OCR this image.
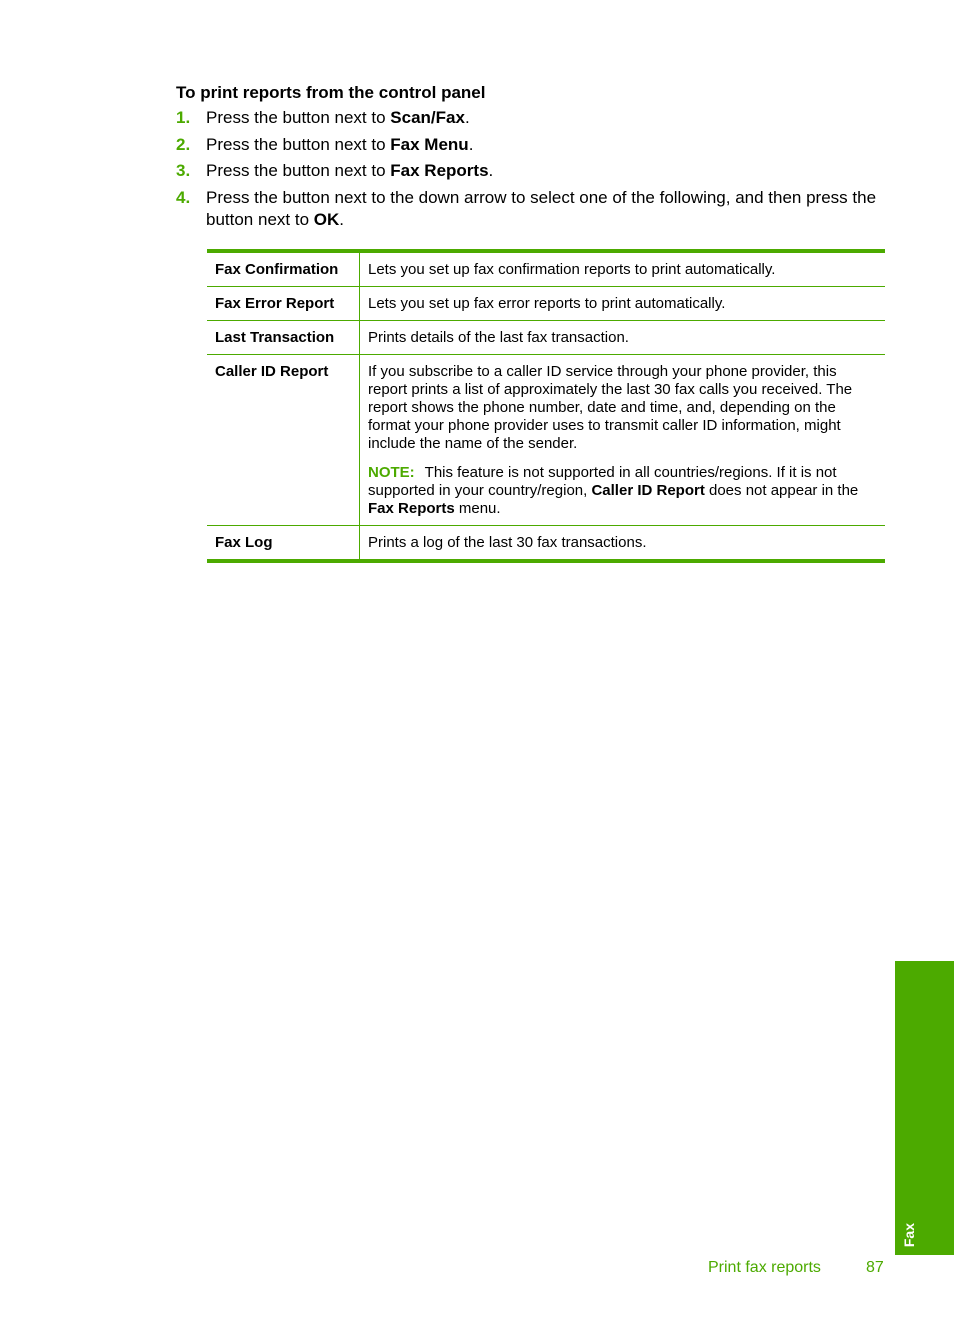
To print reports from the control panel
1. Press the button next to Scan/Fax.
2. Press the button next to Fax Menu.
3. Press the button next to Fax Reports.
4. Press the button next to the down arrow to select one of the following, and then press the button next to OK.
Fax Confirmation	Lets you set up fax confirmation reports to print automatically.
Fax Error Report	Lets you set up fax error reports to print automatically.
Last Transaction	Prints details of the last fax transaction.
Caller ID Report	If you subscribe to a caller ID service through your phone provider, this report prints a list of approximately the last 30 fax calls you received. The report shows the phone number, date and time, and, depending on the format your phone provider uses to transmit caller ID information, might include the name of the sender.
NOTE: This feature is not supported in all countries/regions. If it is not supported in your country/region, Caller ID Report does not appear in the Fax Reports menu.

Fax Log	Prints a log of the last 30 fax transactions.
Fax
Print fax reports	87
